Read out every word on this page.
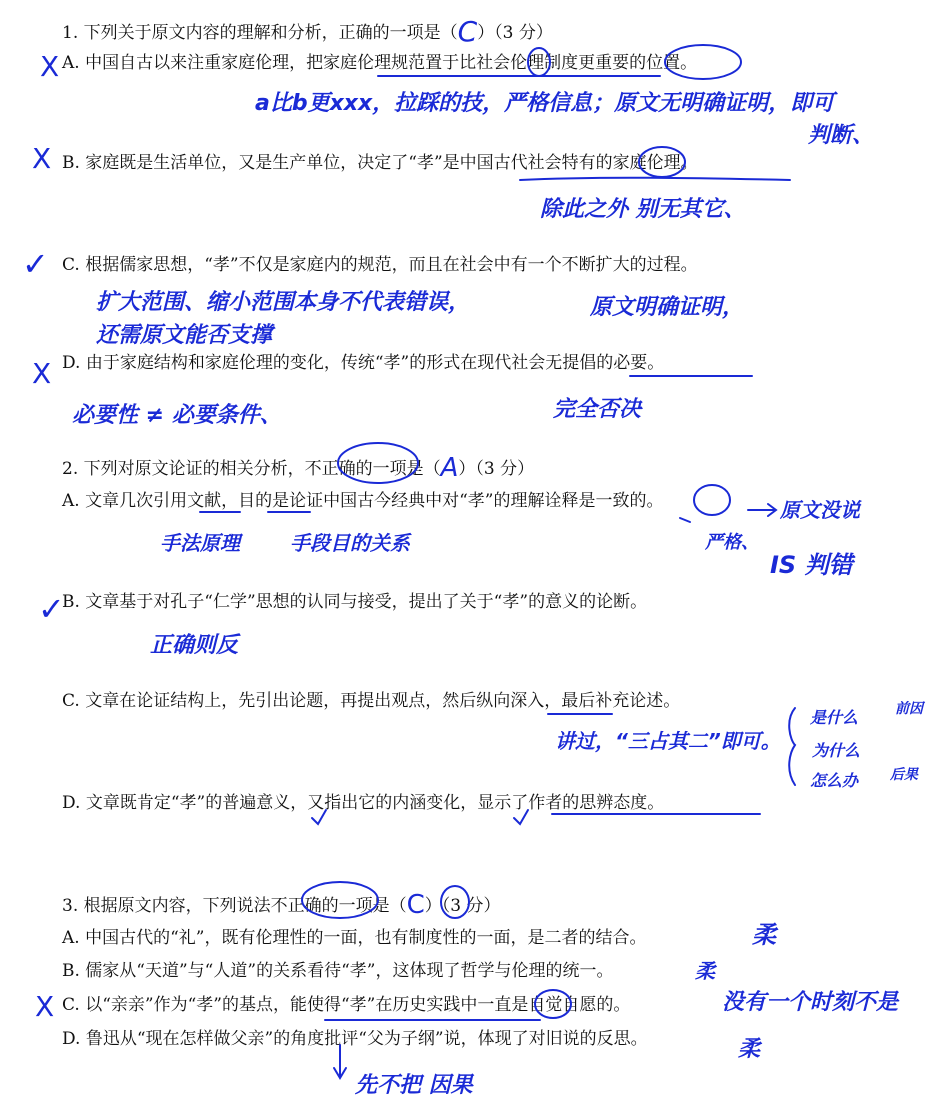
1. 下列关于原文内容的理解和分析，正确的一项是（C）（3 分）
X A. 中国自古以来注重家庭伦理，把家庭伦理规范置于比社会伦理制度更重要的位置。
a比b更xxx，拉踩的技，严格信息；原文无明确证明，即可
判断、
X B. 家庭既是生活单位，又是生产单位，决定了“孝”是中国古代社会特有的家庭伦理。
除此之外 别无其它、
✓ C. 根据儒家思想，“孝”不仅是家庭内的规范，而且在社会中有一个不断扩大的过程。
扩大范围、缩小范围本身不代表错误，	原文明确证明，
还需原文能否支撑
X D. 由于家庭结构和家庭伦理的变化，传统“孝”的形式在现代社会无提倡的必要。
必要性 ≠ 必要条件、	完全否决
2. 下列对原文论证的相关分析，不正确的一项是（A）（3 分）
A. 文章几次引用文献，目的是论证中国古今经典中对“孝”的理解诠释是一致的。
手法原理	手段目的关系
原文没说
严格、
IS 判错
✓
B. 文章基于对孔子“仁学”思想的认同与接受，提出了关于“孝”的意义的论断。
正确则反
C. 文章在论证结构上，先引出论题，再提出观点，然后纵向深入，最后补充论述。
讲过，“三占其二”即可。
是什么
为什么
怎么办
前因
后果
D. 文章既肯定“孝”的普遍意义，又指出它的内涵变化，显示了作者的思辨态度。
3. 根据原文内容，下列说法不正确的一项是（C）（3 分）
A. 中国古代的“礼”，既有伦理性的一面，也有制度性的一面，是二者的结合。	柔
B. 儒家从“天道”与“人道”的关系看待“孝”，这体现了哲学与伦理的统一。	柔
X C. 以“亲亲”作为“孝”的基点，能使得“孝”在历史实践中一直是自觉自愿的。	没有一个时刻不是
D. 鲁迅从“现在怎样做父亲”的角度批评“父为子纲”说，体现了对旧说的反思。	柔
先不把 因果
